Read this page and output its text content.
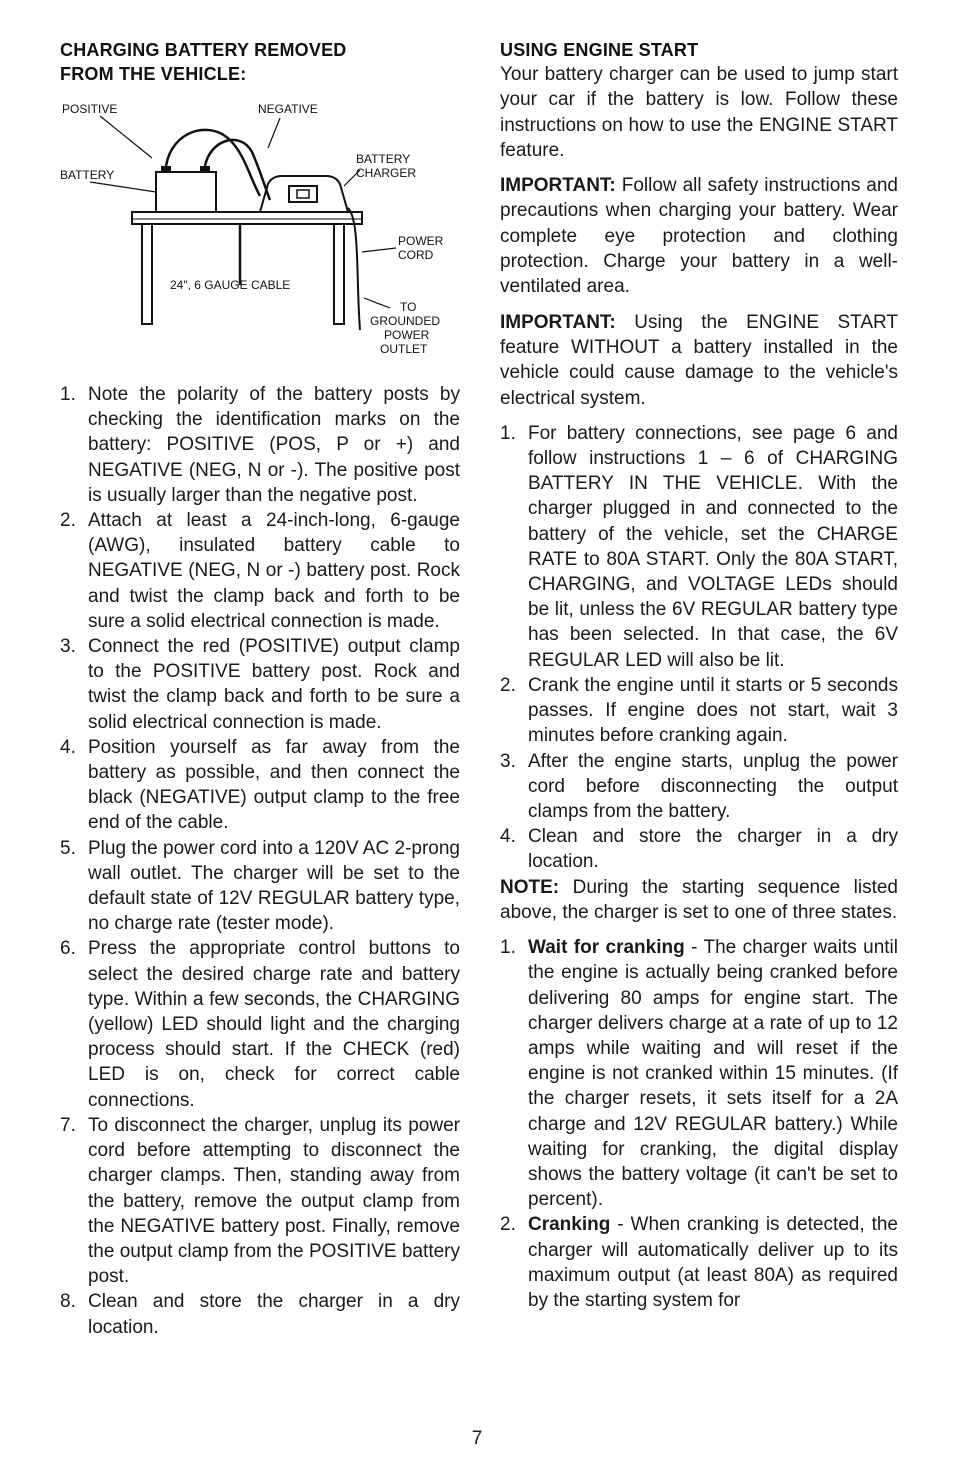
CHARGING BATTERY REMOVED
FROM THE VEHICLE:
POSITIVE	NEGATIVE
BATTERY
BATTERY
CHARGER
POWER
CORD
24", 6 GAUGE CABLE
TO
GROUNDED
POWER
OUTLET
1. Note the polarity of the battery posts by checking the identification marks on the battery: POSITIVE (POS, P or +) and NEGATIVE (NEG, N or -). The positive post is usually larger than the negative post.
2. Attach at least a 24-inch-long, 6-gauge (AWG), insulated battery cable to NEGATIVE (NEG, N or -) battery post. Rock and twist the clamp back and forth to be sure a solid electrical connection is made.
3. Connect the red (POSITIVE) output clamp to the POSITIVE battery post. Rock and twist the clamp back and forth to be sure a solid electrical connection is made.
4. Position yourself as far away from the battery as possible, and then connect the black (NEGATIVE) output clamp to the free end of the cable.
5. Plug the power cord into a 120V AC 2-prong wall outlet. The charger will be set to the default state of 12V REGULAR battery type, no charge rate (tester mode).
6. Press the appropriate control buttons to select the desired charge rate and battery type. Within a few seconds, the CHARGING (yellow) LED should light and the charging process should start. If the CHECK (red) LED is on, check for correct cable connections.
7. To disconnect the charger, unplug its power cord before attempting to disconnect the charger clamps. Then, standing away from the battery, remove the output clamp from the NEGATIVE battery post. Finally, remove the output clamp from the POSITIVE battery post.
8. Clean and store the charger in a dry location.
USING ENGINE START

Your battery charger can be used to jump start your car if the battery is low. Follow these instructions on how to use the ENGINE START feature.

IMPORTANT: Follow all safety instructions and precautions when charging your battery. Wear complete eye protection and clothing protection. Charge your battery in a well-ventilated area.

IMPORTANT: Using the ENGINE START feature WITHOUT a battery installed in the vehicle could cause damage to the vehicle's electrical system.

1. For battery connections, see page 6 and follow instructions 1 – 6 of CHARGING BATTERY IN THE VEHICLE. With the charger plugged in and connected to the battery of the vehicle, set the CHARGE RATE to 80A START. Only the 80A START, CHARGING, and VOLTAGE LEDs should be lit, unless the 6V REGULAR battery type has been selected. In that case, the 6V REGULAR LED will also be lit.
2. Crank the engine until it starts or 5 seconds passes. If engine does not start, wait 3 minutes before cranking again.
3. After the engine starts, unplug the power cord before disconnecting the output clamps from the battery.
4. Clean and store the charger in a dry location.

NOTE: During the starting sequence listed above, the charger is set to one of three states.

1. Wait for cranking - The charger waits until the engine is actually being cranked before delivering 80 amps for engine start. The charger delivers charge at a rate of up to 12 amps while waiting and will reset if the engine is not cranked within 15 minutes. (If the charger resets, it sets itself for a 2A charge and 12V REGULAR battery.) While waiting for cranking, the digital display shows the battery voltage (it can't be set to percent).
2. Cranking - When cranking is detected, the charger will automatically deliver up to its maximum output (at least 80A) as required by the starting system for
7
